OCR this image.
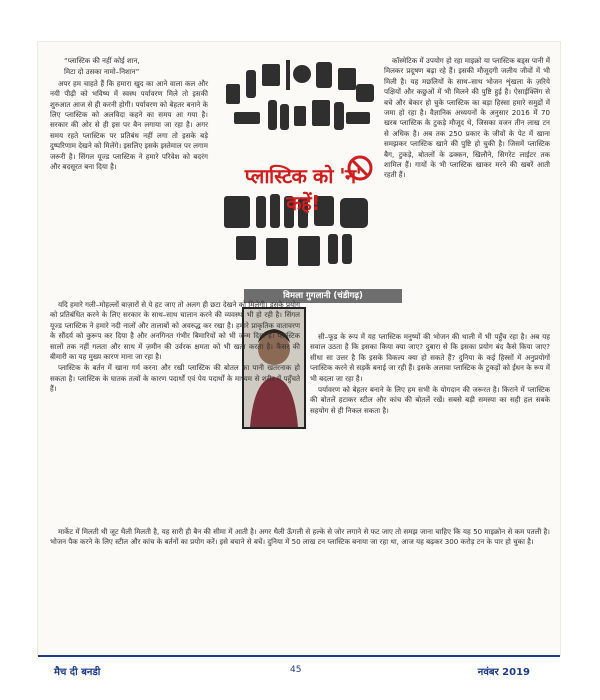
“प्लास्टिक की नहीं कोई शान,

मिटा दो उसका नामो–निशान”

अपर हम चाहते हैं कि हमारा खुद का आने वाला कल और नयी पीढ़ी को भविष्य में स्वस्थ पर्यावरण मिले तो इसकी शुरुआत आज से ही करनी होगी। पर्यावरण को बेहतर बनाने के लिए प्लास्टिक को अलविदा कहने का समय आ गया है। सरकार की ओर से ही इस पर बैन लगाया जा रहा है। अगर समय रहते प्लास्टिक पर प्रतिबंध नहीं लगा तो इसके बड़े दुष्परिणाम देखने को मिलेंगे। इसलिए इसके इस्तेमाल पर लगाम जरूरी है। सिंगल यूज्ड प्लास्टिक ने हमारे परिवेश को बदरंग और बदसूरत बना दिया है।	प्लास्टिक को 'न' कहें!

कॉस्मेटिक में उपयोग हो रहा माइक्रो या प्लास्टिक बड्स पानी में मिलकर प्रदूषण बढ़ा रहे हैं। इसकी मौजूदगी जलीय जीवों में भी मिली है। यह मछलियों के साथ–साथ भोजन शृंखला के ज़रिये पक्षियों और कछुओं में भी मिलने की पुष्टि हुई है। ऐसाईक्लिंग से बचे और बेकार हो चुके प्लास्टिक का बड़ा हिस्सा हमारे समुद्रों में जमा हो रहा है। वैज्ञानिक अध्ययनों के अनुसार 2016 में 70 खरब प्लास्टिक के टुकड़े मौजूद थे, जिसका वजन तीन लाख टन से अधिक है। अब तक 250 प्रकार के जीवों के पेट में खाना समझकर प्लास्टिक खाने की पुष्टि हो चुकी है। जिसमें प्लास्टिक बैग, टुकड़े, बोतलों के ढक्कन, खिलौने, सिगरेट लाईटर तक शामिल हैं। गायों के भी प्लास्टिक खाकर मरने की खबरें आती रहती हैं।

विमला गुगलानी (चंडीगढ़)

यदि हमारे गली–मोहल्लों बाज़ारों से ये हट जाए तो अलग ही छटा देखने को मिलेगी। इसके प्रयोग को प्रतिबंधित करने के लिए सरकार के साथ–साथ चालान करने की व्यवस्था भी हो रही है। सिंगल यूज्ड प्लास्टिक ने हमारे नदी नालों और तालाबों को अवरुद्ध कर रखा है। हमारे प्राकृतिक वातावरण के सौंदर्य को कुरूप कर दिया है और अनगिनत गंभीर बिमारियों को भी जन्म दिया है। प्लास्टिक सालों तक नहीं गलता और साथ में ज़मीन की उर्वरक क्षमता को भी खत्म करता है। कैंसर की बीमारी का यह मुख्य कारण माना जा रहा है।

प्लास्टिक के बर्तन में खाना गर्म करना और रखी प्लास्टिक की बोतल का पानी खतरनाक हो सकता है। प्लास्टिक के घातक तत्वों के कारण पदार्थों एवं पेय पदार्थों के माध्यम से शरीर में पहुँचते हैं।

सी–फूड के रूप में यह प्लास्टिक मनुष्यों की भोजन की थाली में भी पहुँच रहा है। अब यह सवाल उठता है कि इसका किया क्या जाए? दुबारा से कि इसका प्रयोग बंद कैसे किया जाए? सीधा सा उत्तर है कि इसके विकल्प क्या हो सकते हैं? दुनिया के कई हिस्सों में अनुप्रयोगों प्लास्टिक करने से सड़कें बनाई जा रही हैं। इसके अलावा प्लास्टिक के टुकड़ों को ईंधन के रूप में भी बदला जा रहा है।

पर्यावरण को बेहतर बनाने के लिए हम सभी के योगदान की जरूरत है। किराने में प्लास्टिक की बोतलें हटाकर स्टील और कांच की बोतलें रखें। सबसे बड़ी समस्या का सही हल सबके सहयोग से ही निकल सकता है।

मार्केट में मिलती थी जूट थैली मिलती है, यह सारी ही बैन की सीमा में आती है। अगर थैली ऊँगली से हल्के से जोर लगाने से फट जाए तो समझ जाना चाहिए कि यह 50 माइक्रोन से कम पतली है। भोजन पैक करने के लिए स्टील और कांच के बर्तनों का प्रयोग करें। इसे बचाने से बचें। दुनिया में 50 लाख टन प्लास्टिक बनाया जा रहा था, आज यह बढ़कर 300 करोड़ टन के पार हो चुका है।

मैच दी बनडी	45	नवंबर 2019
